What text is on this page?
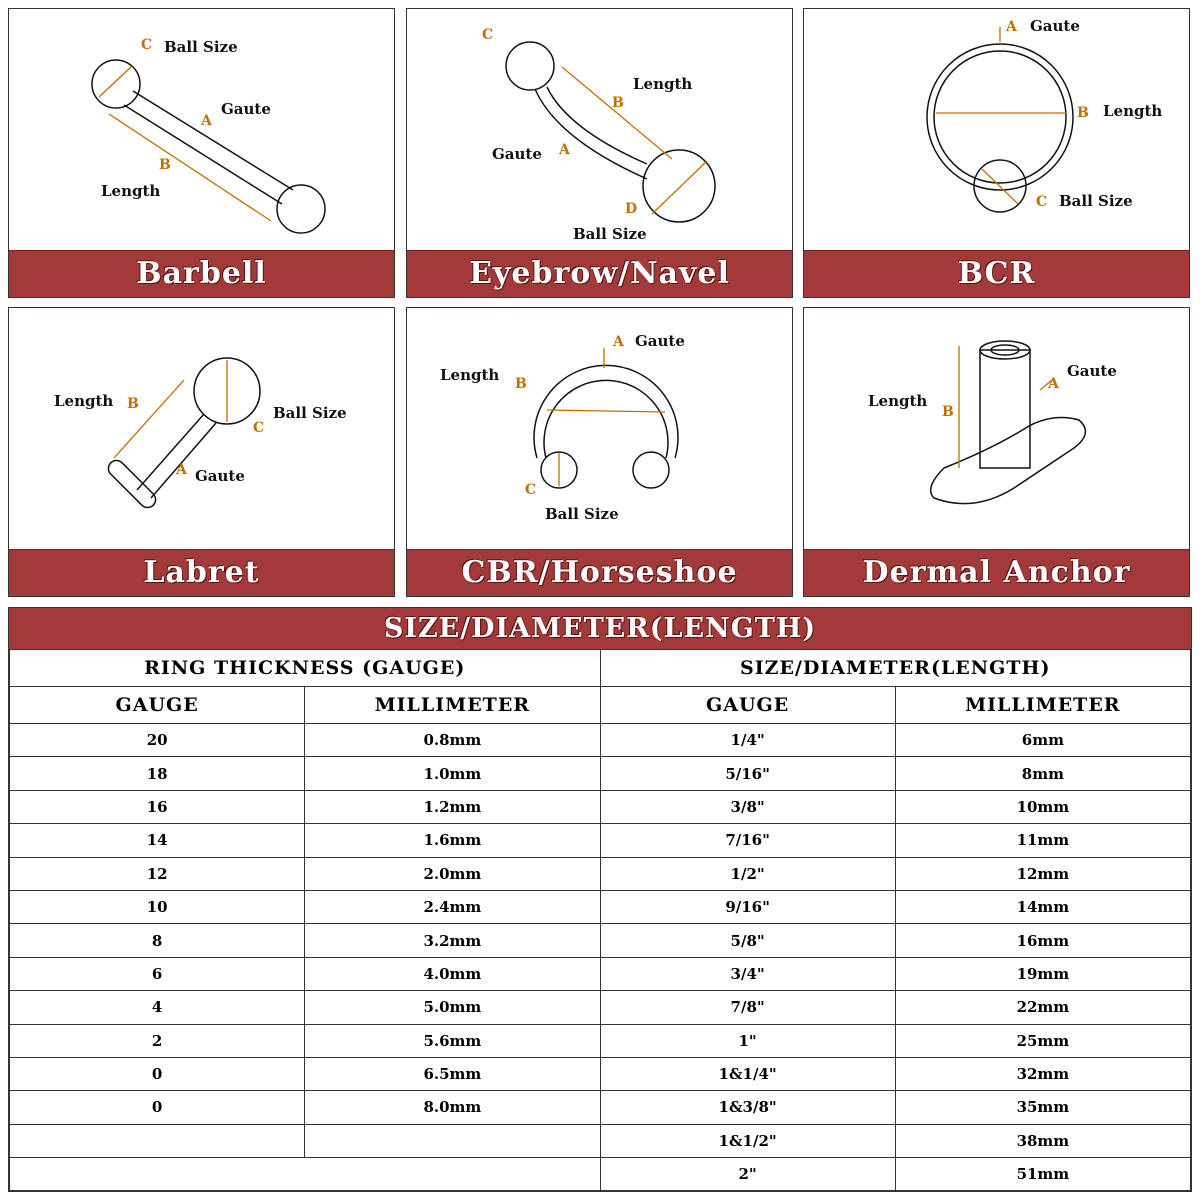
C Ball Size
A
Gaute
B
Length
Barbell
C
Length
B
Gaute A
D
Ball Size
Eyebrow/Navel
A Gaute
B Length
C Ball Size
BCR
Length B	Ball Size
C
A Gaute
Labret
A Gaute
Length B
C
Ball Size
CBR/Horseshoe
Length
B
A
Gaute
Dermal Anchor
SIZE/DIAMETER(LENGTH)
RING THICKNESS (GAUGE)		SIZE/DIAMETER(LENGTH)	
GAUGE	MILLIMETER	GAUGE	MILLIMETER
20	0.8mm	1/4"	6mm
18	1.0mm	5/16"	8mm
16	1.2mm	3/8"	10mm
14	1.6mm	7/16"	11mm
12	2.0mm	1/2"	12mm
10	2.4mm	9/16"	14mm
8	3.2mm	5/8"	16mm
6	4.0mm	3/4"	19mm
4	5.0mm	7/8"	22mm
2	5.6mm	1"	25mm
0	6.5mm	1&1/4"	32mm
0	8.0mm	1&3/8"	35mm
		1&1/2"	38mm
		2"	51mm
